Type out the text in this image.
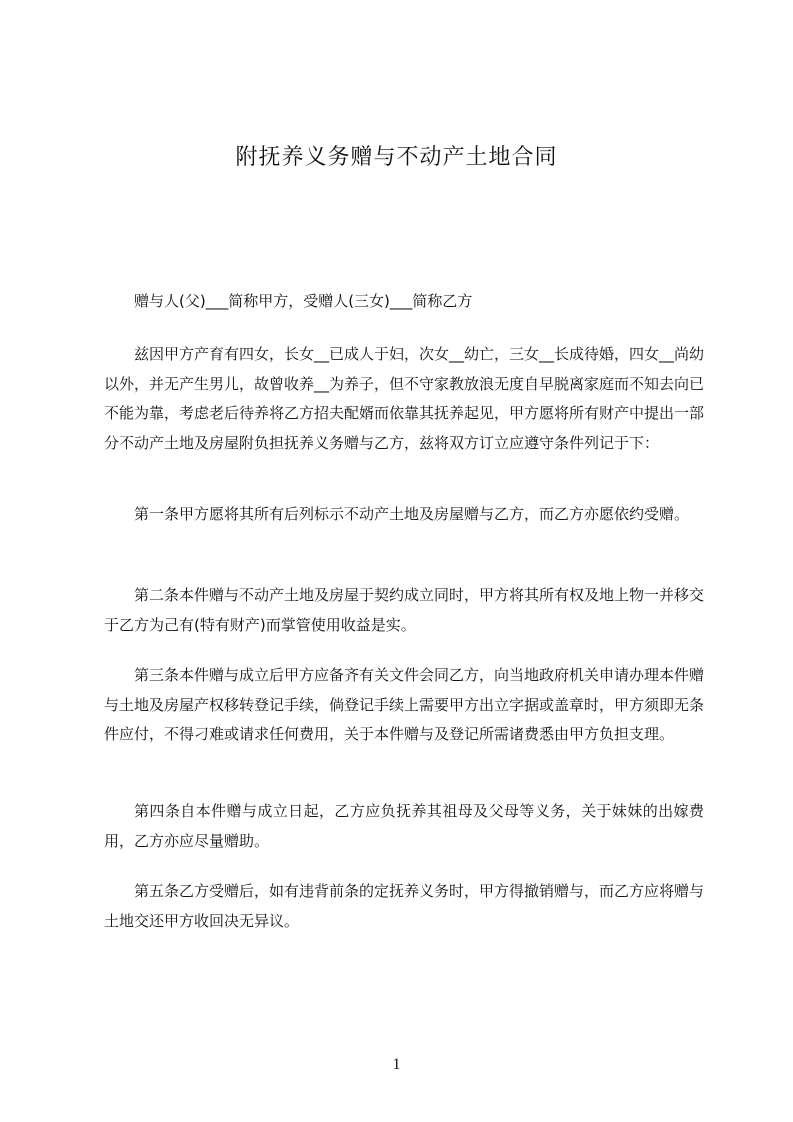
附抚养义务赠与不动产土地合同

赠与人(父)___简称甲方，受赠人(三女)___简称乙方

兹因甲方产育有四女，长女__已成人于妇，次女__幼亡，三女__长成待婚，四女__尚幼以外，并无产生男儿，故曾收养__为养子，但不守家教放浪无度自早脱离家庭而不知去向已不能为靠，考虑老后待养将乙方招夫配婿而依靠其抚养起见，甲方愿将所有财产中提出一部分不动产土地及房屋附负担抚养义务赠与乙方，兹将双方订立应遵守条件列记于下：

第一条甲方愿将其所有后列标示不动产土地及房屋赠与乙方，而乙方亦愿依约受赠。

第二条本件赠与不动产土地及房屋于契约成立同时，甲方将其所有权及地上物一并移交于乙方为己有(特有财产)而掌管使用收益是实。

第三条本件赠与成立后甲方应备齐有关文件会同乙方，向当地政府机关申请办理本件赠与土地及房屋产权移转登记手续，倘登记手续上需要甲方出立字据或盖章时，甲方须即无条件应付，不得刁难或请求任何费用，关于本件赠与及登记所需诸费悉由甲方负担支理。

第四条自本件赠与成立日起，乙方应负抚养其祖母及父母等义务，关于妹妹的出嫁费用，乙方亦应尽量赠助。

第五条乙方受赠后，如有违背前条的定抚养义务时，甲方得撤销赠与，而乙方应将赠与土地交还甲方收回决无异议。

1
